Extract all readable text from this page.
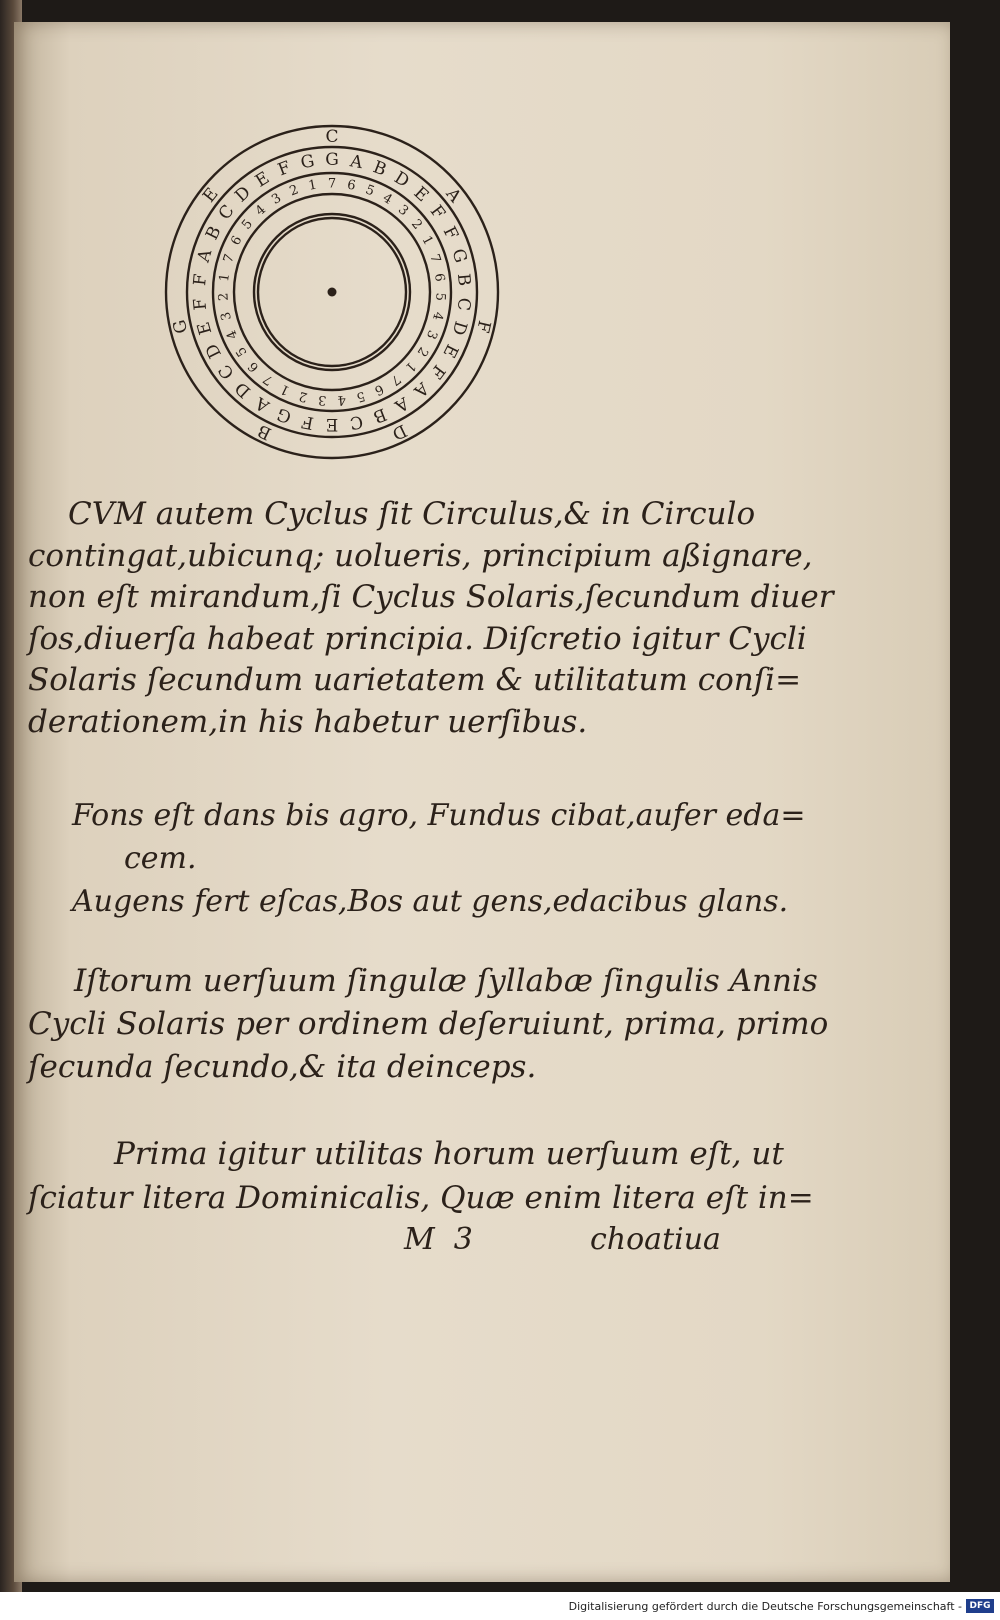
C
A
F
D
B
G
E
G A B D
E
F
F
G
B
C
D
E
F
A
A
B
C
E
F
G
A
D
C
D
E
F
F
A
B
C
D
E F G
7 6 5 4
3
2
1
7
6
5
4
3
2
1
7
6
5
4
3
2
1
7
6
5
4
3
2
1
7
6
5
4
3 2 1
CVM autem Cyclus ſit Circulus,& in Circulo
contingat,ubicunq; uolueris, principium aßignare,
non eſt mirandum,ſi Cyclus Solaris,ſecundum diuer
ſos,diuerſa habeat principia. Diſcretio igitur Cycli
Solaris ſecundum uarietatem & utilitatum conſi=
derationem,in his habetur uerſibus.
Fons eſt dans bis agro, Fundus cibat,aufer eda=
cem.
Augens fert eſcas,Bos aut gens,edacibus glans.
Iſtorum uerſuum ſingulæ ſyllabæ ſingulis Annis
Cycli Solaris per ordinem deſeruiunt, prima, primo
ſecunda ſecundo,& ita deinceps.
Prima igitur utilitas horum uerſuum eſt, ut
ſciatur litera Dominicalis, Quæ enim litera eſt in=
M  3	choatiua
Digitalisierung gefördert durch die Deutsche Forschungsgemeinschaft - DFG
